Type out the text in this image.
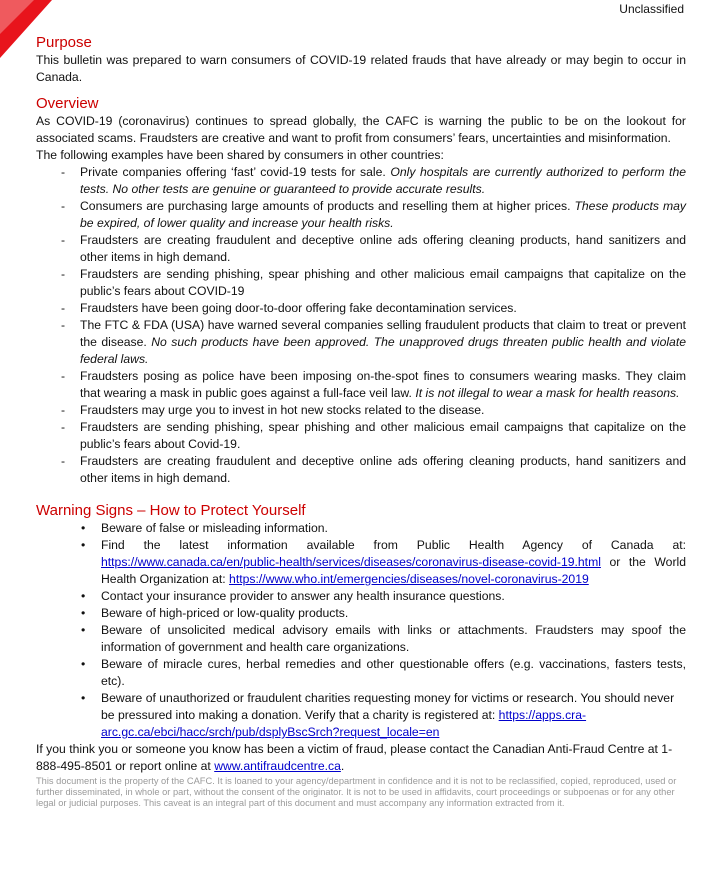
Unclassified
Purpose

This bulletin was prepared to warn consumers of COVID-19 related frauds that have already or may begin to occur in Canada.

Overview

As COVID-19 (coronavirus) continues to spread globally, the CAFC is warning the public to be on the lookout for associated scams. Fraudsters are creative and want to profit from consumers’ fears, uncertainties and misinformation.

The following examples have been shared by consumers in other countries:

- Private companies offering ‘fast’ covid-19 tests for sale. Only hospitals are currently authorized to perform the tests. No other tests are genuine or guaranteed to provide accurate results.
- Consumers are purchasing large amounts of products and reselling them at higher prices. These products may be expired, of lower quality and increase your health risks.
- Fraudsters are creating fraudulent and deceptive online ads offering cleaning products, hand sanitizers and other items in high demand.
- Fraudsters are sending phishing, spear phishing and other malicious email campaigns that capitalize on the public’s fears about COVID-19
- Fraudsters have been going door-to-door offering fake decontamination services.
- The FTC & FDA (USA) have warned several companies selling fraudulent products that claim to treat or prevent the disease. No such products have been approved. The unapproved drugs threaten public health and violate federal laws.
- Fraudsters posing as police have been imposing on-the-spot fines to consumers wearing masks. They claim that wearing a mask in public goes against a full-face veil law. It is not illegal to wear a mask for health reasons.
- Fraudsters may urge you to invest in hot new stocks related to the disease.
- Fraudsters are sending phishing, spear phishing and other malicious email campaigns that capitalize on the public’s fears about Covid-19.
- Fraudsters are creating fraudulent and deceptive online ads offering cleaning products, hand sanitizers and other items in high demand.
Warning Signs – How to Protect Yourself
• Beware of false or misleading information.
• Find the latest information available from Public Health Agency of Canada at:
https://www.canada.ca/en/public-health/services/diseases/coronavirus-disease-covid-19.html or the World Health Organization at: https://www.who.int/emergencies/diseases/novel-coronavirus-2019
• Contact your insurance provider to answer any health insurance questions.
• Beware of high-priced or low-quality products.
• Beware of unsolicited medical advisory emails with links or attachments. Fraudsters may spoof the information of government and health care organizations.
• Beware of miracle cures, herbal remedies and other questionable offers (e.g. vaccinations, fasters tests, etc).
• Beware of unauthorized or fraudulent charities requesting money for victims or research. You should never be pressured into making a donation. Verify that a charity is registered at: https://apps.cra-arc.gc.ca/ebci/hacc/srch/pub/dsplyBscSrch?request_locale=en

If you think you or someone you know has been a victim of fraud, please contact the Canadian Anti-Fraud Centre at 1-888-495-8501 or report online at www.antifraudcentre.ca.

This document is the property of the CAFC. It is loaned to your agency/department in confidence and it is not to be reclassified, copied, reproduced, used or further disseminated, in whole or part, without the consent of the originator. It is not to be used in affidavits, court proceedings or subpoenas or for any other legal or judicial purposes. This caveat is an integral part of this document and must accompany any information extracted from it.
